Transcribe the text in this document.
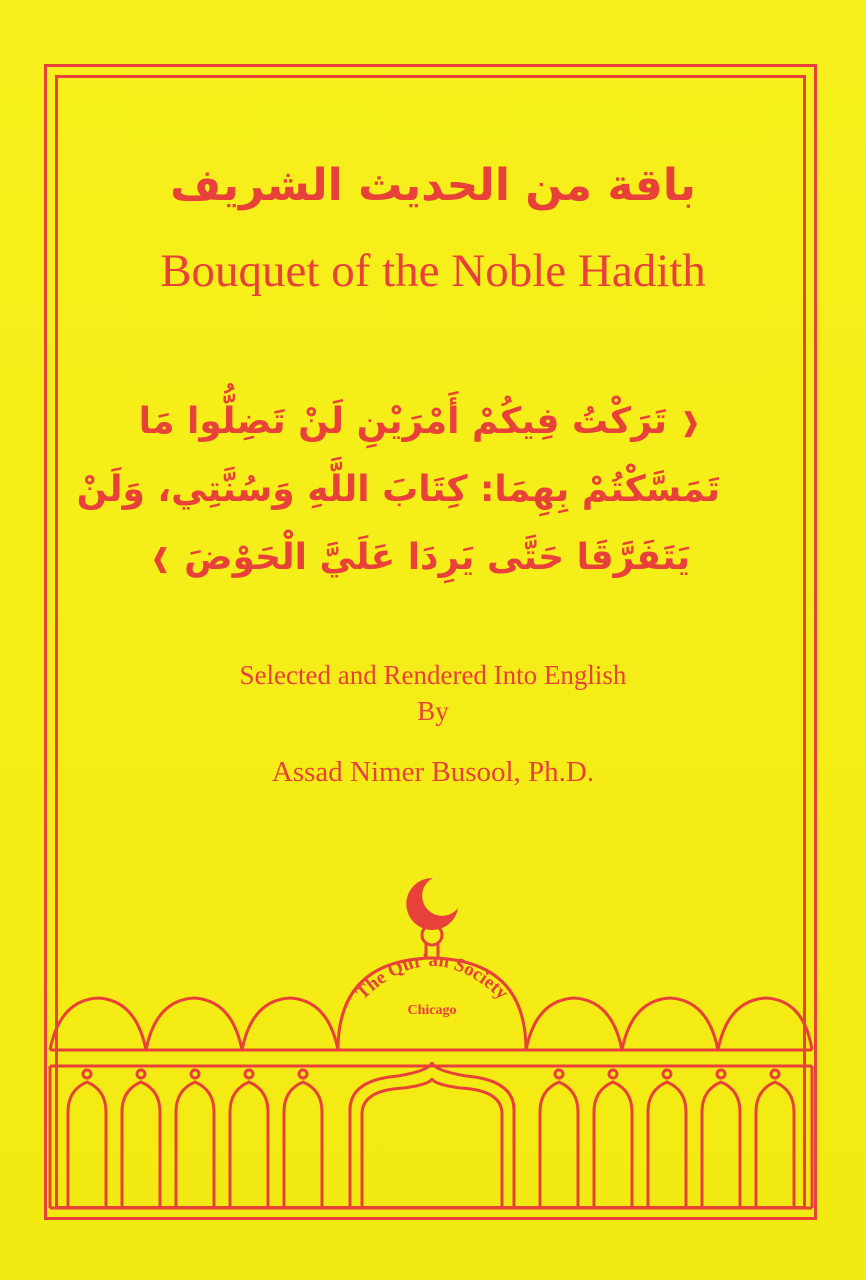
باقة من الحديث الشريف
Bouquet of the Noble Hadith
❰ تَرَكْتُ فِيكُمْ أَمْرَيْنِ لَنْ تَضِلُّوا مَا
تَمَسَّكْتُمْ بِهِمَا: كِتَابَ اللَّهِ وَسُنَّتِي، وَلَنْ
يَتَفَرَّقَا حَتَّى يَرِدَا عَلَيَّ الْحَوْضَ ❱
Selected and Rendered Into English
By
Assad Nimer Busool, Ph.D.
The Qur'an Society
Chicago
